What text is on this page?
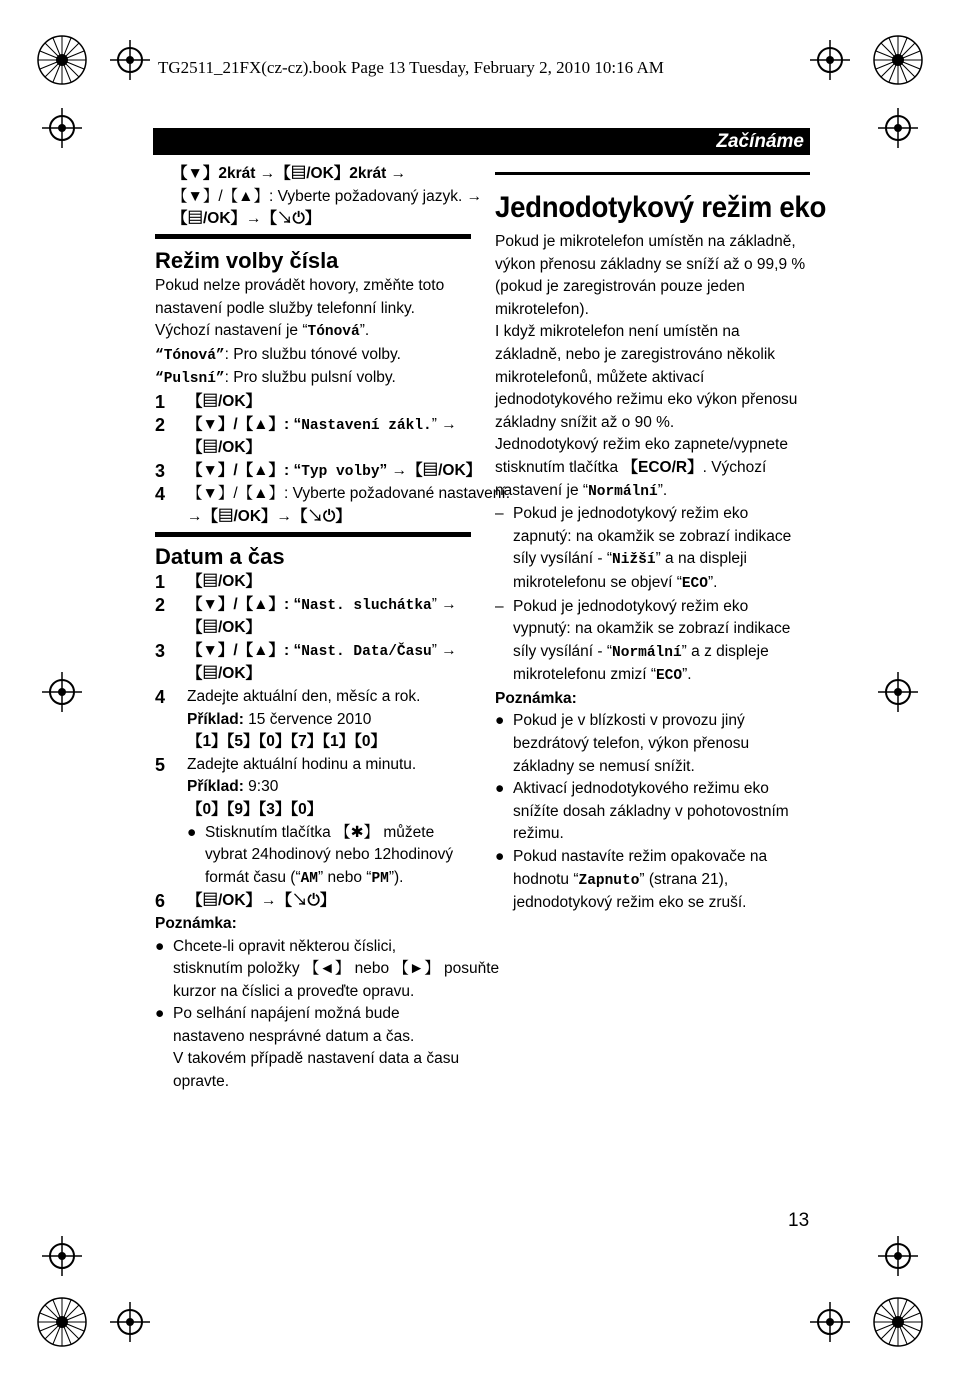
TG2511_21FX(cz-cz).book Page 13 Tuesday, February 2, 2010 10:16 AM
Začínáme
【▼】2krát →【▤/OK】2krát →
【▼】/【▲】: Vyberte požadovaný jazyk. →
【▤/OK】→【↘⏻】
Režim volby čísla
Pokud nelze provádět hovory, změňte toto
nastavení podle služby telefonní linky.
Výchozí nastavení je “Tónová”.
“Tónová”: Pro službu tónové volby.
“Pulsní”: Pro službu pulsní volby.
1 【▤/OK】
2 【▼】/【▲】: “Nastavení zákl.” →
【▤/OK】
3 【▼】/【▲】: “Typ volby” →【▤/OK】
4 【▼】/【▲】: Vyberte požadované nastavení.
→【▤/OK】→【↘⏻】
Datum a čas
1 【▤/OK】
2 【▼】/【▲】: “Nast. sluchátka” →
【▤/OK】
3 【▼】/【▲】: “Nast. Data/Času” →
【▤/OK】
4 Zadejte aktuální den, měsíc a rok.
Příklad: 15 července 2010
【1】【5】【0】【7】【1】【0】
5 Zadejte aktuální hodinu a minutu.
Příklad: 9:30
【0】【9】【3】【0】
● Stisknutím tlačítka 【✱】 můžete
vybrat 24hodinový nebo 12hodinový
formát času (“AM” nebo “PM”).
6 【▤/OK】→【↘⏻】
Poznámka:
● Chcete-li opravit některou číslici,
stisknutím položky 【◄】 nebo 【►】 posuňte
kurzor na číslici a proveďte opravu.
● Po selhání napájení možná bude
nastaveno nesprávné datum a čas.
V takovém případě nastavení data a času
opravte.
Jednodotykový režim eko
Pokud je mikrotelefon umístěn na základně,
výkon přenosu základny se sníží až o 99,9 %
(pokud je zaregistrován pouze jeden
mikrotelefon).
I když mikrotelefon není umístěn na
základně, nebo je zaregistrováno několik
mikrotelefonů, můžete aktivací
jednodotykového režimu eko výkon přenosu
základny snížit až o 90 %.
Jednodotykový režim eko zapnete/vypnete
stisknutím tlačítka 【ECO/R】. Výchozí
nastavení je “Normální”.
– Pokud je jednodotykový režim eko
zapnutý: na okamžik se zobrazí indikace
síly vysílání - “Nižší” a na displeji
mikrotelefonu se objeví “ECO”.
– Pokud je jednodotykový režim eko
vypnutý: na okamžik se zobrazí indikace
síly vysílání - “Normální” a z displeje
mikrotelefonu zmizí “ECO”.
Poznámka:
● Pokud je v blízkosti v provozu jiný
bezdrátový telefon, výkon přenosu
základny se nemusí snížit.
● Aktivací jednodotykového režimu eko
snížíte dosah základny v pohotovostním
režimu.
● Pokud nastavíte režim opakovače na
hodnotu “Zapnuto” (strana 21),
jednodotykový režim eko se zruší.
13
